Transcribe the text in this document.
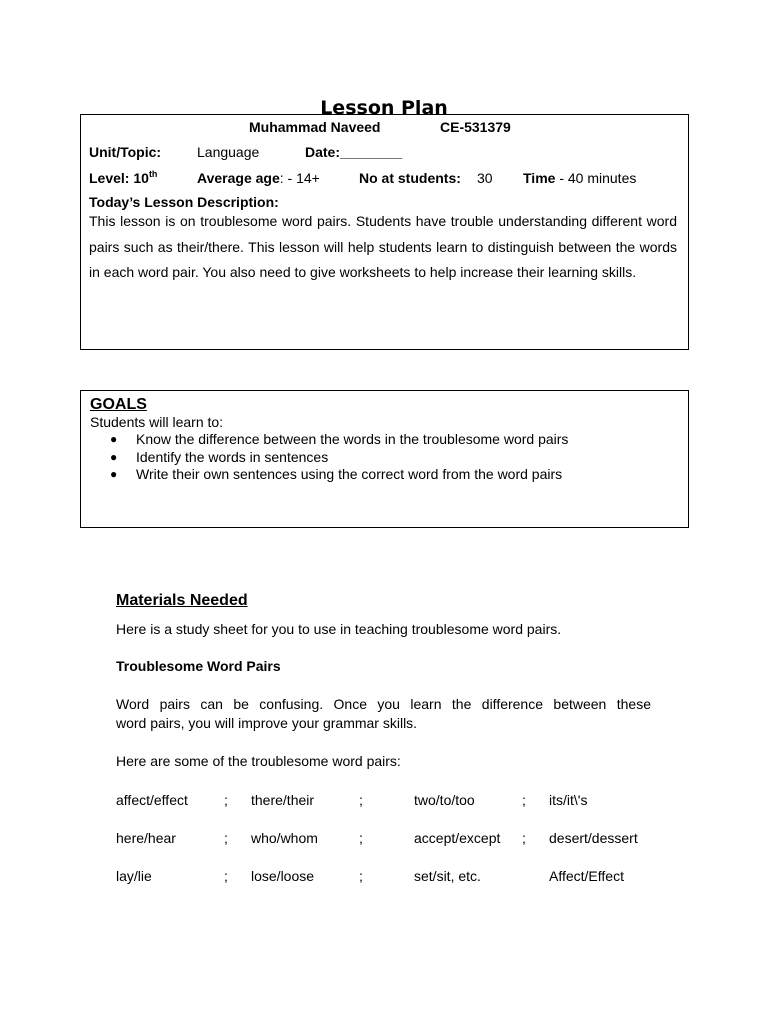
Lesson Plan
Muhammad Naveed	CE-531379
Unit/Topic:	Language	Date:________
Level: 10th	Average age: - 14+	No at students: 30 Time - 40 minutes
Today’s Lesson Description:
This lesson is on troublesome word pairs. Students have trouble understanding different word pairs such as their/there. This lesson will help students learn to distinguish between the words in each word pair. You also need to give worksheets to help increase their learning skills.
GOALS
Students will learn to:
● Know the difference between the words in the troublesome word pairs
● Identify the words in sentences
● Write their own sentences using the correct word from the word pairs
Materials Needed
Here is a study sheet for you to use in teaching troublesome word pairs.
Troublesome Word Pairs
Word pairs can be confusing. Once you learn the difference between these
word pairs, you will improve your grammar skills.
Here are some of the troublesome word pairs:
affect/effect	; there/their	;	two/to/too	; its/it\'s
here/hear	; who/whom	;	accept/except ; desert/dessert
lay/lie	; lose/loose	;	set/sit, etc.	Affect/Effect
